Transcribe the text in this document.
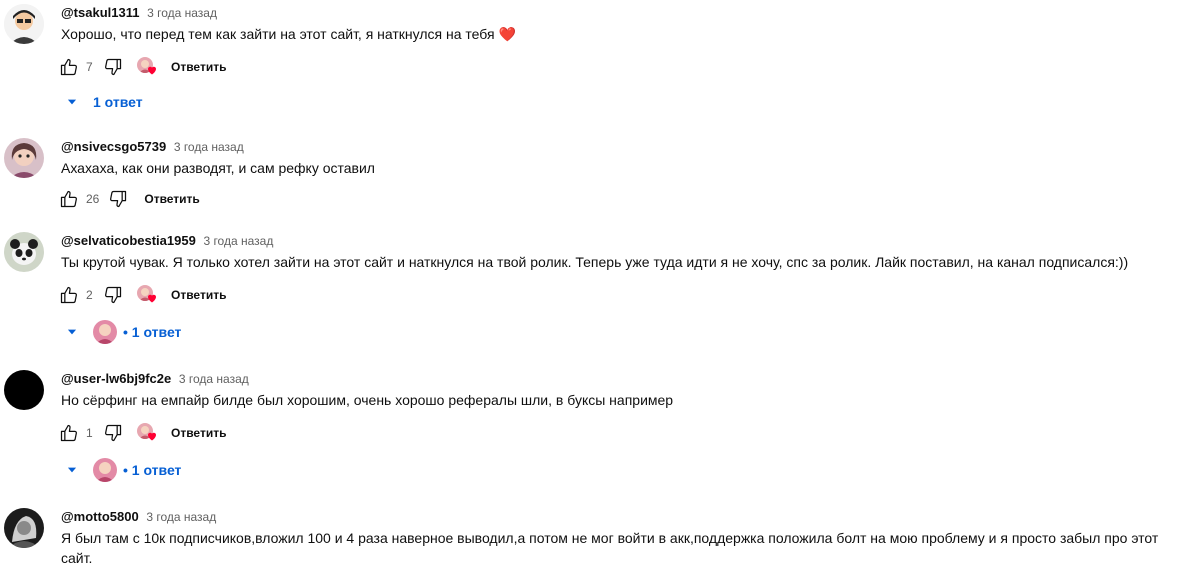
@tsakul1311 3 года назад
Хорошо, что перед тем как зайти на этот сайт, я наткнулся на тебя ❤️
7	Ответить
1 ответ
@nsivecsgo5739 3 года назад
Ахахаха, как они разводят, и сам рефку оставил
26	Ответить
@selvaticobestia1959 3 года назад
Ты крутой чувак. Я только хотел зайти на этот сайт и наткнулся на твой ролик. Теперь уже туда идти я не хочу, спс за ролик. Лайк поставил, на канал подписался:))
2	Ответить
• 1 ответ
@user-lw6bj9fc2e 3 года назад
Но сёрфинг на емпайр билде был хорошим, очень хорошо рефералы шли, в буксы например
1	Ответить
• 1 ответ
@motto5800 3 года назад
Я был там с 10к подписчиков,вложил 100 и 4 раза наверное выводил,а потом не мог войти в акк,поддержка положила болт на мою проблему и я просто забыл про этот сайт.
